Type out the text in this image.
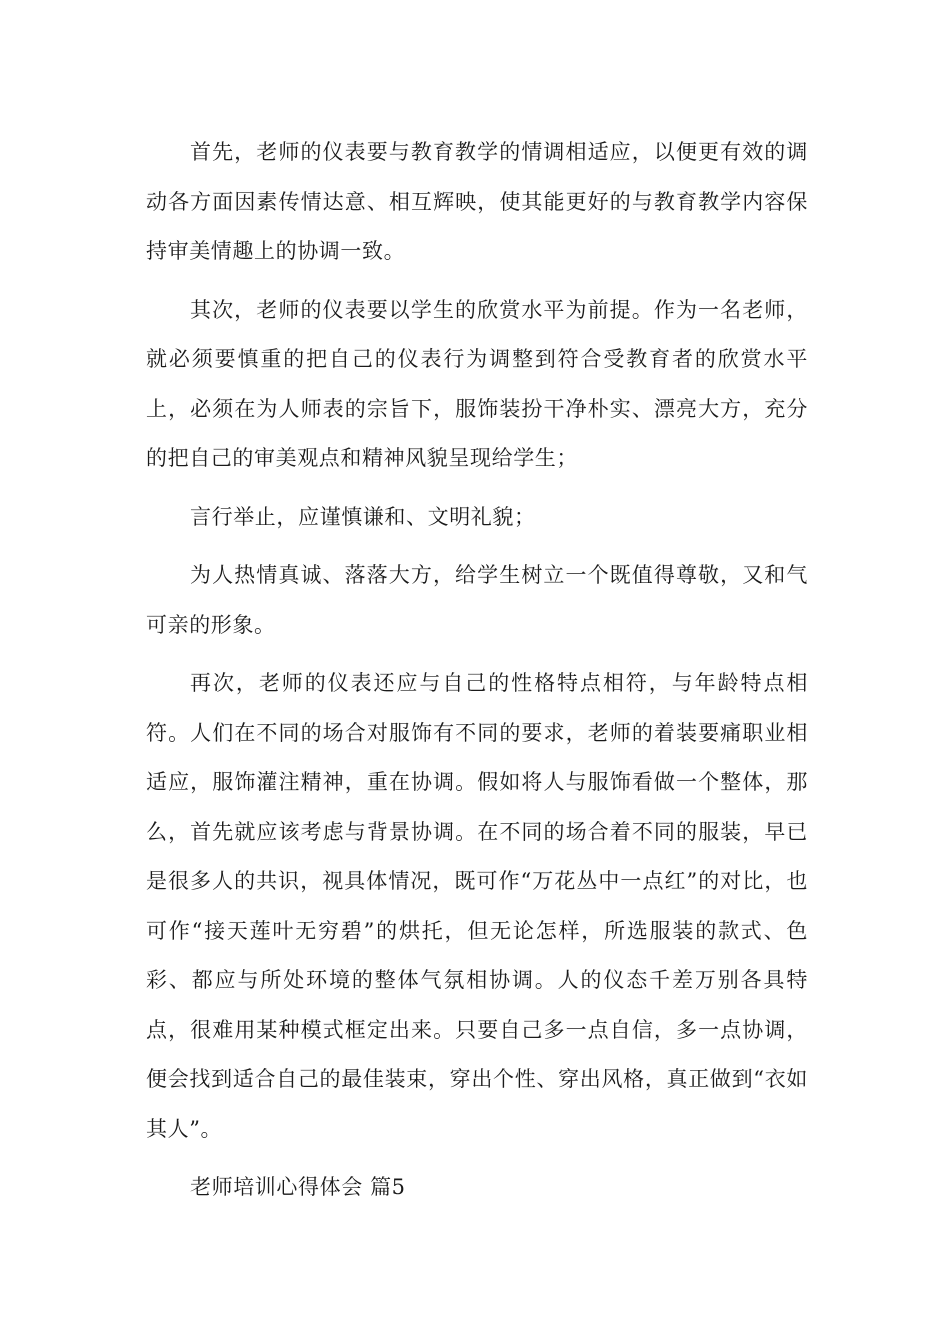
首先，老师的仪表要与教育教学的情调相适应，以便更有效的调动各方面因素传情达意、相互辉映，使其能更好的与教育教学内容保持审美情趣上的协调一致。

其次，老师的仪表要以学生的欣赏水平为前提。作为一名老师，就必须要慎重的把自己的仪表行为调整到符合受教育者的欣赏水平上，必须在为人师表的宗旨下，服饰装扮干净朴实、漂亮大方，充分的把自己的审美观点和精神风貌呈现给学生；

言行举止，应谨慎谦和、文明礼貌；

为人热情真诚、落落大方，给学生树立一个既值得尊敬，又和气可亲的形象。

再次，老师的仪表还应与自己的性格特点相符，与年龄特点相符。人们在不同的场合对服饰有不同的要求，老师的着装要痛职业相适应，服饰灌注精神，重在协调。假如将人与服饰看做一个整体，那么，首先就应该考虑与背景协调。在不同的场合着不同的服装，早已是很多人的共识，视具体情况，既可作“万花丛中一点红”的对比，也可作“接天莲叶无穷碧”的烘托，但无论怎样，所选服装的款式、色彩、都应与所处环境的整体气氛相协调。人的仪态千差万别各具特点，很难用某种模式框定出来。只要自己多一点自信，多一点协调，便会找到适合自己的最佳装束，穿出个性、穿出风格，真正做到“衣如其人”。

老师培训心得体会 篇5
